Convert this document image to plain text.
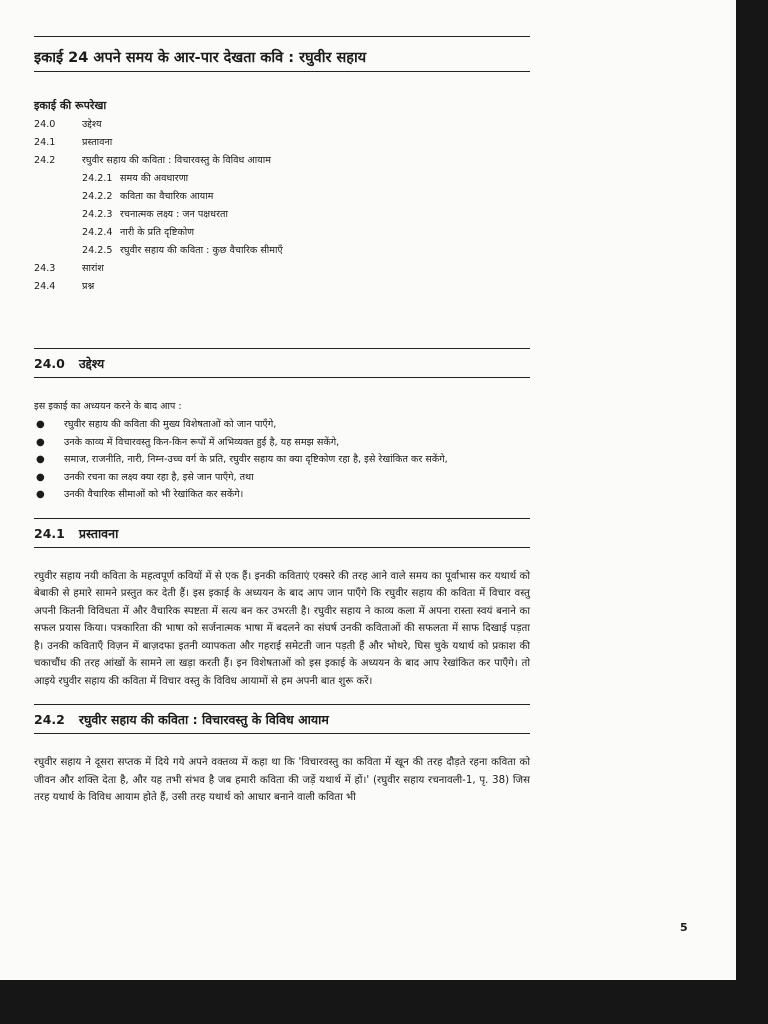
इकाई 24 अपने समय के आर-पार देखता कवि : रघुवीर सहाय
इकाई की रूपरेखा
24.0	उद्देश्य
24.1	प्रस्तावना
24.2	रघुवीर सहाय की कविता : विचारवस्तु के विविध आयाम
24.2.1 समय की अवधारणा
24.2.2 कविता का वैचारिक आयाम
24.2.3 रचनात्मक लक्ष्य : जन पक्षधरता
24.2.4 नारी के प्रति दृष्टिकोण
24.2.5 रघुवीर सहाय की कविता : कुछ वैचारिक सीमाएँ
24.3	सारांश
24.4	प्रश्न
24.0 उद्देश्य
इस इकाई का अध्ययन करने के बाद आप :
● रघुवीर सहाय की कविता की मुख्य विशेषताओं को जान पाएँगे,
● उनके काव्य में विचारवस्तु किन-किन रूपों में अभिव्यक्त हुई है, यह समझ सकेंगे,
● समाज, राजनीति, नारी, निम्न-उच्च वर्ग के प्रति, रघुवीर सहाय का क्या दृष्टिकोण रहा है, इसे रेखांकित कर सकेंगे,
● उनकी रचना का लक्ष्य क्या रहा है, इसे जान पाएँगे, तथा
● उनकी वैचारिक सीमाओं को भी रेखांकित कर सकेंगे।
24.1 प्रस्तावना

रघुवीर सहाय नयी कविता के महत्वपूर्ण कवियों में से एक हैं। इनकी कविताएं एक्सरे की तरह आने वाले समय का पूर्वाभास कर यथार्थ को बेबाकी से हमारे सामने प्रस्तुत कर देती हैं। इस इकाई के अध्ययन के बाद आप जान पाएँगे कि रघुवीर सहाय की कविता में विचार वस्तु अपनी कितनी विविधता में और वैचारिक स्पष्टता में सत्य बन कर उभरती है। रघुवीर सहाय ने काव्य कला में अपना रास्ता स्वयं बनाने का सफल प्रयास किया। पत्रकारिता की भाषा को सर्जनात्मक भाषा में बदलने का संघर्ष उनकी कविताओं की सफलता में साफ दिखाई पड़ता है। उनकी कविताएँ विज़न में बाज़दफा इतनी व्यापकता और गहराई समेटती जान पड़ती हैं और भोथरे, घिस चुके यथार्थ को प्रकाश की चकाचौंध की तरह आंखों के सामने ला खड़ा करती हैं। इन विशेषताओं को इस इकाई के अध्ययन के बाद आप रेखांकित कर पाएँगे। तो आइये रघुवीर सहाय की कविता में विचार वस्तु के विविध आयामों से हम अपनी बात शुरू करें।

24.2 रघुवीर सहाय की कविता : विचारवस्तु के विविध आयाम

रघुवीर सहाय ने दूसरा सप्तक में दिये गये अपने वक्तव्य में कहा था कि 'विचारवस्तु का कविता में खून की तरह दौड़ते रहना कविता को जीवन और शक्ति देता है, और यह तभी संभव है जब हमारी कविता की जड़ें यथार्थ में हों।' (रघुवीर सहाय रचनावली-1, पृ. 38) जिस तरह यथार्थ के विविध आयाम होते हैं, उसी तरह यथार्थ को आधार बनाने वाली कविता भी

5
